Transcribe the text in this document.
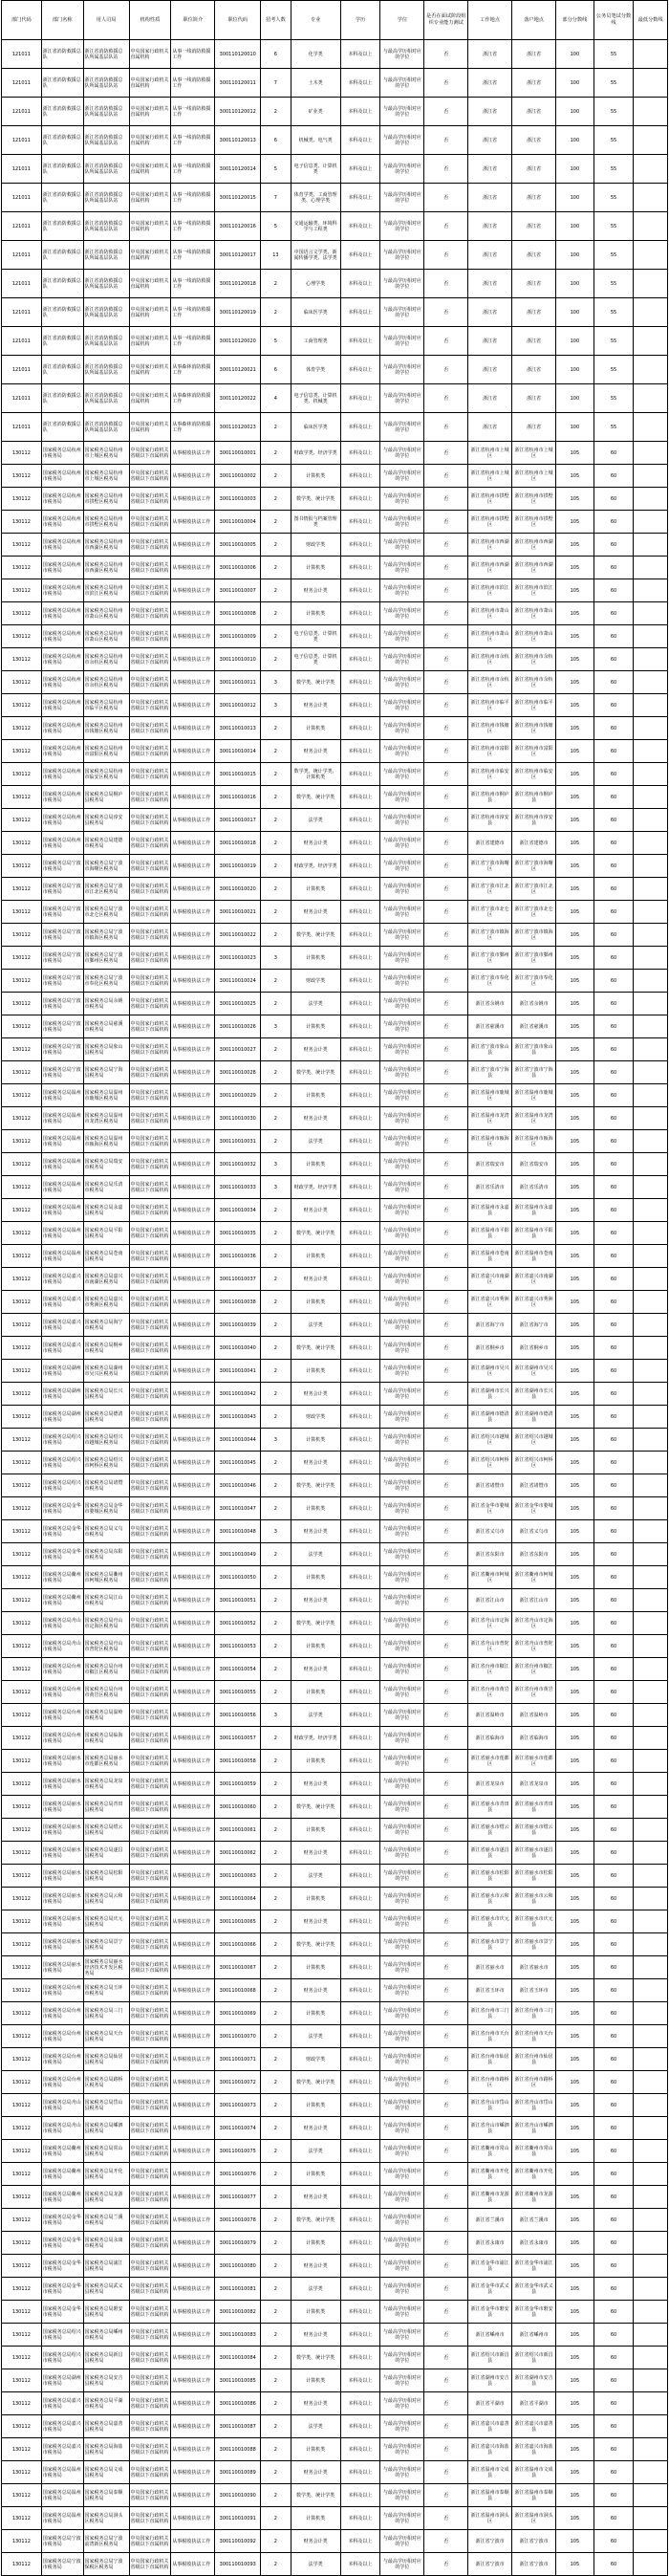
部门代码	部门名称	用人司局	机构性质	职位简介	职位代码	招考人数	专业	学历	学位	是否在面试阶段组织专业能力测试	工作地点	落户地点	部分分数线	公务员笔试分数线	最低分数线
121011	浙江省消防救援总队	浙江省消防救援总队所属基层队站	中央国家行政机关直属机构	从事一线消防救援工作	300110120010	6	化学类	本科及以上	与最高学历相对应的学位	否	浙江省	浙江省	100	55	
121011	浙江省消防救援总队	浙江省消防救援总队所属基层队站	中央国家行政机关直属机构	从事一线消防救援工作	300110120011	7	土木类	本科及以上	与最高学历相对应的学位	否	浙江省	浙江省	100	55	
121011	浙江省消防救援总队	浙江省消防救援总队所属基层队站	中央国家行政机关直属机构	从事一线消防救援工作	300110120012	2	矿业类	本科及以上	与最高学历相对应的学位	否	浙江省	浙江省	100	55	
121011	浙江省消防救援总队	浙江省消防救援总队所属基层队站	中央国家行政机关直属机构	从事一线消防救援工作	300110120013	6	机械类、电气类	本科及以上	与最高学历相对应的学位	否	浙江省	浙江省	100	55	
121011	浙江省消防救援总队	浙江省消防救援总队所属基层队站	中央国家行政机关直属机构	从事一线消防救援工作	300110120014	5	电子信息类、计算机类	本科及以上	与最高学历相对应的学位	否	浙江省	浙江省	100	55	
121011	浙江省消防救援总队	浙江省消防救援总队所属基层队站	中央国家行政机关直属机构	从事一线消防救援工作	300110120015	7	体育学类、工商管理类、心理学类	本科及以上	与最高学历相对应的学位	否	浙江省	浙江省	100	55	
121011	浙江省消防救援总队	浙江省消防救援总队所属基层队站	中央国家行政机关直属机构	从事一线消防救援工作	300110120016	5	交通运输类、环境科学与工程类	本科及以上	与最高学历相对应的学位	否	浙江省	浙江省	100	55	
121011	浙江省消防救援总队	浙江省消防救援总队所属基层队站	中央国家行政机关直属机构	从事一线消防救援工作	300110120017	13	中国语言文学类、新闻传播学类、法学类	本科及以上	与最高学历相对应的学位	否	浙江省	浙江省	100	55	
121011	浙江省消防救援总队	浙江省消防救援总队所属基层队站	中央国家行政机关直属机构	从事一线消防救援工作	300110120018	2	心理学类	本科及以上	与最高学历相对应的学位	否	浙江省	浙江省	100	55	
121011	浙江省消防救援总队	浙江省消防救援总队所属基层队站	中央国家行政机关直属机构	从事一线消防救援工作	300110120019	2	临床医学类	本科及以上	与最高学历相对应的学位	否	浙江省	浙江省	100	55	
121011	浙江省消防救援总队	浙江省消防救援总队所属基层队站	中央国家行政机关直属机构	从事一线消防救援工作	300110120020	5	工商管理类	本科及以上	与最高学历相对应的学位	否	浙江省	浙江省	100	55	
121011	浙江省消防救援总队	浙江省消防救援总队所属基层队站	中央国家行政机关直属机构	从事森林消防救援工作	300110120021	6	体育学类	本科及以上	与最高学历相对应的学位	否	浙江省	浙江省	100	55	
121011	浙江省消防救援总队	浙江省消防救援总队所属基层队站	中央国家行政机关直属机构	从事森林消防救援工作	300110120022	4	电子信息类、计算机类、机械类	本科及以上	与最高学历相对应的学位	否	浙江省	浙江省	100	55	
121011	浙江省消防救援总队	浙江省消防救援总队所属基层队站	中央国家行政机关直属机构	从事森林消防救援工作	300110120023	2	临床医学类	本科及以上	与最高学历相对应的学位	否	浙江省	浙江省	100	55	
130112	国家税务总局杭州市税务局	国家税务总局杭州市上城区税务局	中央国家行政机关省级以下直属机构	从事税收执法工作	300110010001	2	财政学类、经济学类	本科及以上	与最高学历相对应的学位	否	浙江省杭州市上城区	浙江省杭州市上城区	105	60	
130112	国家税务总局杭州市税务局	国家税务总局杭州市上城区税务局	中央国家行政机关省级以下直属机构	从事税收执法工作	300110010002	2	计算机类	本科及以上	与最高学历相对应的学位	否	浙江省杭州市上城区	浙江省杭州市上城区	105	60	
130112	国家税务总局杭州市税务局	国家税务总局杭州市拱墅区税务局	中央国家行政机关省级以下直属机构	从事税收执法工作	300110010003	2	数学类、统计学类	本科及以上	与最高学历相对应的学位	否	浙江省杭州市拱墅区	浙江省杭州市拱墅区	105	60	
130112	国家税务总局杭州市税务局	国家税务总局杭州市拱墅区税务局	中央国家行政机关省级以下直属机构	从事税收执法工作	300110010004	2	图书情报与档案管理类	本科及以上	与最高学历相对应的学位	否	浙江省杭州市拱墅区	浙江省杭州市拱墅区	105	60	
130112	国家税务总局杭州市税务局	国家税务总局杭州市西湖区税务局	中央国家行政机关省级以下直属机构	从事税收执法工作	300110010005	2	财政学类	本科及以上	与最高学历相对应的学位	否	浙江省杭州市西湖区	浙江省杭州市西湖区	105	60	
130112	国家税务总局杭州市税务局	国家税务总局杭州市西湖区税务局	中央国家行政机关省级以下直属机构	从事税收执法工作	300110010006	2	计算机类	本科及以上	与最高学历相对应的学位	否	浙江省杭州市西湖区	浙江省杭州市西湖区	105	60	
130112	国家税务总局杭州市税务局	国家税务总局杭州市滨江区税务局	中央国家行政机关省级以下直属机构	从事税收执法工作	300110010007	2	财务会计类	本科及以上	与最高学历相对应的学位	否	浙江省杭州市滨江区	浙江省杭州市滨江区	105	60	
130112	国家税务总局杭州市税务局	国家税务总局杭州市萧山区税务局	中央国家行政机关省级以下直属机构	从事税收执法工作	300110010008	2	计算机类	本科及以上	与最高学历相对应的学位	否	浙江省杭州市萧山区	浙江省杭州市萧山区	105	60	
130112	国家税务总局杭州市税务局	国家税务总局杭州市萧山区税务局	中央国家行政机关省级以下直属机构	从事税收执法工作	300110010009	2	电子信息类、计算机类	本科及以上	与最高学历相对应的学位	否	浙江省杭州市萧山区	浙江省杭州市萧山区	105	60	
130112	国家税务总局杭州市税务局	国家税务总局杭州市余杭区税务局	中央国家行政机关省级以下直属机构	从事税收执法工作	300110010010	2	电子信息类、计算机类	本科及以上	与最高学历相对应的学位	否	浙江省杭州市余杭区	浙江省杭州市余杭区	105	60	
130112	国家税务总局杭州市税务局	国家税务总局杭州市余杭区税务局	中央国家行政机关省级以下直属机构	从事税收执法工作	300110010011	3	数学类、统计学类	本科及以上	与最高学历相对应的学位	否	浙江省杭州市余杭区	浙江省杭州市余杭区	105	60	
130112	国家税务总局杭州市税务局	国家税务总局杭州市临平区税务局	中央国家行政机关省级以下直属机构	从事税收执法工作	300110010012	3	财务会计类	本科及以上	与最高学历相对应的学位	否	浙江省杭州市临平区	浙江省杭州市临平区	105	60	
130112	国家税务总局杭州市税务局	国家税务总局杭州市钱塘区税务局	中央国家行政机关省级以下直属机构	从事税收执法工作	300110010013	2	计算机类	本科及以上	与最高学历相对应的学位	否	浙江省杭州市钱塘区	浙江省杭州市钱塘区	105	60	
130112	国家税务总局杭州市税务局	国家税务总局杭州市富阳区税务局	中央国家行政机关省级以下直属机构	从事税收执法工作	300110010014	2	财务会计类	本科及以上	与最高学历相对应的学位	否	浙江省杭州市富阳区	浙江省杭州市富阳区	105	60	
130112	国家税务总局杭州市税务局	国家税务总局杭州市临安区税务局	中央国家行政机关省级以下直属机构	从事税收执法工作	300110010015	2	数学类、统计学类、计算机类	本科及以上	与最高学历相对应的学位	否	浙江省杭州市临安区	浙江省杭州市临安区	105	60	
130112	国家税务总局杭州市税务局	国家税务总局桐庐县税务局	中央国家行政机关省级以下直属机构	从事税收执法工作	300110010016	2	数学类、统计学类	本科及以上	与最高学历相对应的学位	否	浙江省杭州市桐庐县	浙江省杭州市桐庐县	105	60	
130112	国家税务总局杭州市税务局	国家税务总局淳安县税务局	中央国家行政机关省级以下直属机构	从事税收执法工作	300110010017	2	法学类	本科及以上	与最高学历相对应的学位	否	浙江省杭州市淳安县	浙江省杭州市淳安县	105	60	
130112	国家税务总局杭州市税务局	国家税务总局建德市税务局	中央国家行政机关省级以下直属机构	从事税收执法工作	300110010018	2	财务会计类	本科及以上	与最高学历相对应的学位	否	浙江省建德市	浙江省建德市	105	60	
130112	国家税务总局宁波市税务局	国家税务总局宁波市海曙区税务局	中央国家行政机关省级以下直属机构	从事税收执法工作	300110010019	2	财政学类、经济学类	本科及以上	与最高学历相对应的学位	否	浙江省宁波市海曙区	浙江省宁波市海曙区	105	60	
130112	国家税务总局宁波市税务局	国家税务总局宁波市江北区税务局	中央国家行政机关省级以下直属机构	从事税收执法工作	300110010020	2	计算机类	本科及以上	与最高学历相对应的学位	否	浙江省宁波市江北区	浙江省宁波市江北区	105	60	
130112	国家税务总局宁波市税务局	国家税务总局宁波市北仑区税务局	中央国家行政机关省级以下直属机构	从事税收执法工作	300110010021	2	财务会计类	本科及以上	与最高学历相对应的学位	否	浙江省宁波市北仑区	浙江省宁波市北仑区	105	60	
130112	国家税务总局宁波市税务局	国家税务总局宁波市镇海区税务局	中央国家行政机关省级以下直属机构	从事税收执法工作	300110010022	2	数学类、统计学类	本科及以上	与最高学历相对应的学位	否	浙江省宁波市镇海区	浙江省宁波市镇海区	105	60	
130112	国家税务总局宁波市税务局	国家税务总局宁波市鄞州区税务局	中央国家行政机关省级以下直属机构	从事税收执法工作	300110010023	3	计算机类	本科及以上	与最高学历相对应的学位	否	浙江省宁波市鄞州区	浙江省宁波市鄞州区	105	60	
130112	国家税务总局宁波市税务局	国家税务总局宁波市奉化区税务局	中央国家行政机关省级以下直属机构	从事税收执法工作	300110010024	2	财政学类	本科及以上	与最高学历相对应的学位	否	浙江省宁波市奉化区	浙江省宁波市奉化区	105	60	
130112	国家税务总局宁波市税务局	国家税务总局余姚市税务局	中央国家行政机关省级以下直属机构	从事税收执法工作	300110010025	2	法学类	本科及以上	与最高学历相对应的学位	否	浙江省余姚市	浙江省余姚市	105	60	
130112	国家税务总局宁波市税务局	国家税务总局慈溪市税务局	中央国家行政机关省级以下直属机构	从事税收执法工作	300110010026	3	计算机类	本科及以上	与最高学历相对应的学位	否	浙江省慈溪市	浙江省慈溪市	105	60	
130112	国家税务总局宁波市税务局	国家税务总局象山县税务局	中央国家行政机关省级以下直属机构	从事税收执法工作	300110010027	2	财务会计类	本科及以上	与最高学历相对应的学位	否	浙江省宁波市象山县	浙江省宁波市象山县	105	60	
130112	国家税务总局宁波市税务局	国家税务总局宁海县税务局	中央国家行政机关省级以下直属机构	从事税收执法工作	300110010028	2	数学类、统计学类	本科及以上	与最高学历相对应的学位	否	浙江省宁波市宁海县	浙江省宁波市宁海县	105	60	
130112	国家税务总局温州市税务局	国家税务总局温州市鹿城区税务局	中央国家行政机关省级以下直属机构	从事税收执法工作	300110010029	2	计算机类	本科及以上	与最高学历相对应的学位	否	浙江省温州市鹿城区	浙江省温州市鹿城区	105	60	
130112	国家税务总局温州市税务局	国家税务总局温州市龙湾区税务局	中央国家行政机关省级以下直属机构	从事税收执法工作	300110010030	2	财务会计类	本科及以上	与最高学历相对应的学位	否	浙江省温州市龙湾区	浙江省温州市龙湾区	105	60	
130112	国家税务总局温州市税务局	国家税务总局温州市瓯海区税务局	中央国家行政机关省级以下直属机构	从事税收执法工作	300110010031	2	法学类	本科及以上	与最高学历相对应的学位	否	浙江省温州市瓯海区	浙江省温州市瓯海区	105	60	
130112	国家税务总局温州市税务局	国家税务总局瑞安市税务局	中央国家行政机关省级以下直属机构	从事税收执法工作	300110010032	3	计算机类	本科及以上	与最高学历相对应的学位	否	浙江省瑞安市	浙江省瑞安市	105	60	
130112	国家税务总局温州市税务局	国家税务总局乐清市税务局	中央国家行政机关省级以下直属机构	从事税收执法工作	300110010033	3	财政学类、经济学类	本科及以上	与最高学历相对应的学位	否	浙江省乐清市	浙江省乐清市	105	60	
130112	国家税务总局温州市税务局	国家税务总局永嘉县税务局	中央国家行政机关省级以下直属机构	从事税收执法工作	300110010034	2	财务会计类	本科及以上	与最高学历相对应的学位	否	浙江省温州市永嘉县	浙江省温州市永嘉县	105	60	
130112	国家税务总局温州市税务局	国家税务总局平阳县税务局	中央国家行政机关省级以下直属机构	从事税收执法工作	300110010035	2	数学类、统计学类	本科及以上	与最高学历相对应的学位	否	浙江省温州市平阳县	浙江省温州市平阳县	105	60	
130112	国家税务总局温州市税务局	国家税务总局苍南县税务局	中央国家行政机关省级以下直属机构	从事税收执法工作	300110010036	2	计算机类	本科及以上	与最高学历相对应的学位	否	浙江省温州市苍南县	浙江省温州市苍南县	105	60	
130112	国家税务总局嘉兴市税务局	国家税务总局嘉兴市南湖区税务局	中央国家行政机关省级以下直属机构	从事税收执法工作	300110010037	2	财务会计类	本科及以上	与最高学历相对应的学位	否	浙江省嘉兴市南湖区	浙江省嘉兴市南湖区	105	60	
130112	国家税务总局嘉兴市税务局	国家税务总局嘉兴市秀洲区税务局	中央国家行政机关省级以下直属机构	从事税收执法工作	300110010038	2	计算机类	本科及以上	与最高学历相对应的学位	否	浙江省嘉兴市秀洲区	浙江省嘉兴市秀洲区	105	60	
130112	国家税务总局嘉兴市税务局	国家税务总局海宁市税务局	中央国家行政机关省级以下直属机构	从事税收执法工作	300110010039	2	法学类	本科及以上	与最高学历相对应的学位	否	浙江省海宁市	浙江省海宁市	105	60	
130112	国家税务总局嘉兴市税务局	国家税务总局桐乡市税务局	中央国家行政机关省级以下直属机构	从事税收执法工作	300110010040	2	数学类、统计学类	本科及以上	与最高学历相对应的学位	否	浙江省桐乡市	浙江省桐乡市	105	60	
130112	国家税务总局湖州市税务局	国家税务总局湖州市吴兴区税务局	中央国家行政机关省级以下直属机构	从事税收执法工作	300110010041	2	计算机类	本科及以上	与最高学历相对应的学位	否	浙江省湖州市吴兴区	浙江省湖州市吴兴区	105	60	
130112	国家税务总局湖州市税务局	国家税务总局长兴县税务局	中央国家行政机关省级以下直属机构	从事税收执法工作	300110010042	2	财务会计类	本科及以上	与最高学历相对应的学位	否	浙江省湖州市长兴县	浙江省湖州市长兴县	105	60	
130112	国家税务总局湖州市税务局	国家税务总局德清县税务局	中央国家行政机关省级以下直属机构	从事税收执法工作	300110010043	2	财政学类	本科及以上	与最高学历相对应的学位	否	浙江省湖州市德清县	浙江省湖州市德清县	105	60	
130112	国家税务总局绍兴市税务局	国家税务总局绍兴市越城区税务局	中央国家行政机关省级以下直属机构	从事税收执法工作	300110010044	3	计算机类	本科及以上	与最高学历相对应的学位	否	浙江省绍兴市越城区	浙江省绍兴市越城区	105	60	
130112	国家税务总局绍兴市税务局	国家税务总局绍兴市柯桥区税务局	中央国家行政机关省级以下直属机构	从事税收执法工作	300110010045	2	财务会计类	本科及以上	与最高学历相对应的学位	否	浙江省绍兴市柯桥区	浙江省绍兴市柯桥区	105	60	
130112	国家税务总局绍兴市税务局	国家税务总局诸暨市税务局	中央国家行政机关省级以下直属机构	从事税收执法工作	300110010046	2	数学类、统计学类	本科及以上	与最高学历相对应的学位	否	浙江省诸暨市	浙江省诸暨市	105	60	
130112	国家税务总局金华市税务局	国家税务总局金华市婺城区税务局	中央国家行政机关省级以下直属机构	从事税收执法工作	300110010047	2	计算机类	本科及以上	与最高学历相对应的学位	否	浙江省金华市婺城区	浙江省金华市婺城区	105	60	
130112	国家税务总局金华市税务局	国家税务总局义乌市税务局	中央国家行政机关省级以下直属机构	从事税收执法工作	300110010048	3	财务会计类	本科及以上	与最高学历相对应的学位	否	浙江省义乌市	浙江省义乌市	105	60	
130112	国家税务总局金华市税务局	国家税务总局东阳市税务局	中央国家行政机关省级以下直属机构	从事税收执法工作	300110010049	2	法学类	本科及以上	与最高学历相对应的学位	否	浙江省东阳市	浙江省东阳市	105	60	
130112	国家税务总局衢州市税务局	国家税务总局衢州市柯城区税务局	中央国家行政机关省级以下直属机构	从事税收执法工作	300110010050	2	计算机类	本科及以上	与最高学历相对应的学位	否	浙江省衢州市柯城区	浙江省衢州市柯城区	105	60	
130112	国家税务总局衢州市税务局	国家税务总局江山市税务局	中央国家行政机关省级以下直属机构	从事税收执法工作	300110010051	2	财务会计类	本科及以上	与最高学历相对应的学位	否	浙江省江山市	浙江省江山市	105	60	
130112	国家税务总局舟山市税务局	国家税务总局舟山市定海区税务局	中央国家行政机关省级以下直属机构	从事税收执法工作	300110010052	2	数学类、统计学类	本科及以上	与最高学历相对应的学位	否	浙江省舟山市定海区	浙江省舟山市定海区	105	60	
130112	国家税务总局舟山市税务局	国家税务总局舟山市普陀区税务局	中央国家行政机关省级以下直属机构	从事税收执法工作	300110010053	2	计算机类	本科及以上	与最高学历相对应的学位	否	浙江省舟山市普陀区	浙江省舟山市普陀区	105	60	
130112	国家税务总局台州市税务局	国家税务总局台州市椒江区税务局	中央国家行政机关省级以下直属机构	从事税收执法工作	300110010054	2	财务会计类	本科及以上	与最高学历相对应的学位	否	浙江省台州市椒江区	浙江省台州市椒江区	105	60	
130112	国家税务总局台州市税务局	国家税务总局台州市黄岩区税务局	中央国家行政机关省级以下直属机构	从事税收执法工作	300110010055	2	计算机类	本科及以上	与最高学历相对应的学位	否	浙江省台州市黄岩区	浙江省台州市黄岩区	105	60	
130112	国家税务总局台州市税务局	国家税务总局温岭市税务局	中央国家行政机关省级以下直属机构	从事税收执法工作	300110010056	3	法学类	本科及以上	与最高学历相对应的学位	否	浙江省温岭市	浙江省温岭市	105	60	
130112	国家税务总局台州市税务局	国家税务总局临海市税务局	中央国家行政机关省级以下直属机构	从事税收执法工作	300110010057	2	财政学类、经济学类	本科及以上	与最高学历相对应的学位	否	浙江省临海市	浙江省临海市	105	60	
130112	国家税务总局丽水市税务局	国家税务总局丽水市莲都区税务局	中央国家行政机关省级以下直属机构	从事税收执法工作	300110010058	2	计算机类	本科及以上	与最高学历相对应的学位	否	浙江省丽水市莲都区	浙江省丽水市莲都区	105	60	
130112	国家税务总局丽水市税务局	国家税务总局龙泉市税务局	中央国家行政机关省级以下直属机构	从事税收执法工作	300110010059	2	财务会计类	本科及以上	与最高学历相对应的学位	否	浙江省龙泉市	浙江省龙泉市	105	60	
130112	国家税务总局丽水市税务局	国家税务总局青田县税务局	中央国家行政机关省级以下直属机构	从事税收执法工作	300110010060	2	数学类、统计学类	本科及以上	与最高学历相对应的学位	否	浙江省丽水市青田县	浙江省丽水市青田县	105	60	
130112	国家税务总局丽水市税务局	国家税务总局缙云县税务局	中央国家行政机关省级以下直属机构	从事税收执法工作	300110010061	2	计算机类	本科及以上	与最高学历相对应的学位	否	浙江省丽水市缙云县	浙江省丽水市缙云县	105	60	
130112	国家税务总局丽水市税务局	国家税务总局遂昌县税务局	中央国家行政机关省级以下直属机构	从事税收执法工作	300110010062	2	财务会计类	本科及以上	与最高学历相对应的学位	否	浙江省丽水市遂昌县	浙江省丽水市遂昌县	105	60	
130112	国家税务总局丽水市税务局	国家税务总局松阳县税务局	中央国家行政机关省级以下直属机构	从事税收执法工作	300110010063	2	法学类	本科及以上	与最高学历相对应的学位	否	浙江省丽水市松阳县	浙江省丽水市松阳县	105	60	
130112	国家税务总局丽水市税务局	国家税务总局云和县税务局	中央国家行政机关省级以下直属机构	从事税收执法工作	300110010064	2	计算机类	本科及以上	与最高学历相对应的学位	否	浙江省丽水市云和县	浙江省丽水市云和县	105	60	
130112	国家税务总局丽水市税务局	国家税务总局庆元县税务局	中央国家行政机关省级以下直属机构	从事税收执法工作	300110010065	2	财务会计类	本科及以上	与最高学历相对应的学位	否	浙江省丽水市庆元县	浙江省丽水市庆元县	105	60	
130112	国家税务总局丽水市税务局	国家税务总局景宁县税务局	中央国家行政机关省级以下直属机构	从事税收执法工作	300110010066	2	数学类、统计学类	本科及以上	与最高学历相对应的学位	否	浙江省丽水市景宁县	浙江省丽水市景宁县	105	60	
130112	国家税务总局丽水市税务局	国家税务总局丽水经济技术开发区税务局	中央国家行政机关省级以下直属机构	从事税收执法工作	300110010067	2	计算机类	本科及以上	与最高学历相对应的学位	否	浙江省丽水市	浙江省丽水市	105	60	
130112	国家税务总局台州市税务局	国家税务总局玉环市税务局	中央国家行政机关省级以下直属机构	从事税收执法工作	300110010068	2	财务会计类	本科及以上	与最高学历相对应的学位	否	浙江省玉环市	浙江省玉环市	105	60	
130112	国家税务总局台州市税务局	国家税务总局三门县税务局	中央国家行政机关省级以下直属机构	从事税收执法工作	300110010069	2	计算机类	本科及以上	与最高学历相对应的学位	否	浙江省台州市三门县	浙江省台州市三门县	105	60	
130112	国家税务总局台州市税务局	国家税务总局天台县税务局	中央国家行政机关省级以下直属机构	从事税收执法工作	300110010070	2	法学类	本科及以上	与最高学历相对应的学位	否	浙江省台州市天台县	浙江省台州市天台县	105	60	
130112	国家税务总局台州市税务局	国家税务总局仙居县税务局	中央国家行政机关省级以下直属机构	从事税收执法工作	300110010071	2	财政学类	本科及以上	与最高学历相对应的学位	否	浙江省台州市仙居县	浙江省台州市仙居县	105	60	
130112	国家税务总局台州市税务局	国家税务总局路桥区税务局	中央国家行政机关省级以下直属机构	从事税收执法工作	300110010072	2	数学类、统计学类	本科及以上	与最高学历相对应的学位	否	浙江省台州市路桥区	浙江省台州市路桥区	105	60	
130112	国家税务总局舟山市税务局	国家税务总局岱山县税务局	中央国家行政机关省级以下直属机构	从事税收执法工作	300110010073	2	计算机类	本科及以上	与最高学历相对应的学位	否	浙江省舟山市岱山县	浙江省舟山市岱山县	105	60	
130112	国家税务总局舟山市税务局	国家税务总局嵊泗县税务局	中央国家行政机关省级以下直属机构	从事税收执法工作	300110010074	2	财务会计类	本科及以上	与最高学历相对应的学位	否	浙江省舟山市嵊泗县	浙江省舟山市嵊泗县	105	60	
130112	国家税务总局衢州市税务局	国家税务总局常山县税务局	中央国家行政机关省级以下直属机构	从事税收执法工作	300110010075	2	法学类	本科及以上	与最高学历相对应的学位	否	浙江省衢州市常山县	浙江省衢州市常山县	105	60	
130112	国家税务总局衢州市税务局	国家税务总局开化县税务局	中央国家行政机关省级以下直属机构	从事税收执法工作	300110010076	2	计算机类	本科及以上	与最高学历相对应的学位	否	浙江省衢州市开化县	浙江省衢州市开化县	105	60	
130112	国家税务总局衢州市税务局	国家税务总局龙游县税务局	中央国家行政机关省级以下直属机构	从事税收执法工作	300110010077	2	财务会计类	本科及以上	与最高学历相对应的学位	否	浙江省衢州市龙游县	浙江省衢州市龙游县	105	60	
130112	国家税务总局金华市税务局	国家税务总局兰溪市税务局	中央国家行政机关省级以下直属机构	从事税收执法工作	300110010078	2	数学类、统计学类	本科及以上	与最高学历相对应的学位	否	浙江省兰溪市	浙江省兰溪市	105	60	
130112	国家税务总局金华市税务局	国家税务总局永康市税务局	中央国家行政机关省级以下直属机构	从事税收执法工作	300110010079	2	计算机类	本科及以上	与最高学历相对应的学位	否	浙江省永康市	浙江省永康市	105	60	
130112	国家税务总局金华市税务局	国家税务总局浦江县税务局	中央国家行政机关省级以下直属机构	从事税收执法工作	300110010080	2	财务会计类	本科及以上	与最高学历相对应的学位	否	浙江省金华市浦江县	浙江省金华市浦江县	105	60	
130112	国家税务总局金华市税务局	国家税务总局武义县税务局	中央国家行政机关省级以下直属机构	从事税收执法工作	300110010081	2	法学类	本科及以上	与最高学历相对应的学位	否	浙江省金华市武义县	浙江省金华市武义县	105	60	
130112	国家税务总局金华市税务局	国家税务总局磐安县税务局	中央国家行政机关省级以下直属机构	从事税收执法工作	300110010082	2	计算机类	本科及以上	与最高学历相对应的学位	否	浙江省金华市磐安县	浙江省金华市磐安县	105	60	
130112	国家税务总局绍兴市税务局	国家税务总局嵊州市税务局	中央国家行政机关省级以下直属机构	从事税收执法工作	300110010083	2	财务会计类	本科及以上	与最高学历相对应的学位	否	浙江省嵊州市	浙江省嵊州市	105	60	
130112	国家税务总局绍兴市税务局	国家税务总局新昌县税务局	中央国家行政机关省级以下直属机构	从事税收执法工作	300110010084	2	数学类、统计学类	本科及以上	与最高学历相对应的学位	否	浙江省绍兴市新昌县	浙江省绍兴市新昌县	105	60	
130112	国家税务总局湖州市税务局	国家税务总局安吉县税务局	中央国家行政机关省级以下直属机构	从事税收执法工作	300110010085	2	计算机类	本科及以上	与最高学历相对应的学位	否	浙江省湖州市安吉县	浙江省湖州市安吉县	105	60	
130112	国家税务总局嘉兴市税务局	国家税务总局平湖市税务局	中央国家行政机关省级以下直属机构	从事税收执法工作	300110010086	2	财务会计类	本科及以上	与最高学历相对应的学位	否	浙江省平湖市	浙江省平湖市	105	60	
130112	国家税务总局嘉兴市税务局	国家税务总局嘉善县税务局	中央国家行政机关省级以下直属机构	从事税收执法工作	300110010087	2	法学类	本科及以上	与最高学历相对应的学位	否	浙江省嘉兴市嘉善县	浙江省嘉兴市嘉善县	105	60	
130112	国家税务总局嘉兴市税务局	国家税务总局海盐县税务局	中央国家行政机关省级以下直属机构	从事税收执法工作	300110010088	2	计算机类	本科及以上	与最高学历相对应的学位	否	浙江省嘉兴市海盐县	浙江省嘉兴市海盐县	105	60	
130112	国家税务总局温州市税务局	国家税务总局文成县税务局	中央国家行政机关省级以下直属机构	从事税收执法工作	300110010089	2	财务会计类	本科及以上	与最高学历相对应的学位	否	浙江省温州市文成县	浙江省温州市文成县	105	60	
130112	国家税务总局温州市税务局	国家税务总局泰顺县税务局	中央国家行政机关省级以下直属机构	从事税收执法工作	300110010090	2	数学类、统计学类	本科及以上	与最高学历相对应的学位	否	浙江省温州市泰顺县	浙江省温州市泰顺县	105	60	
130112	国家税务总局温州市税务局	国家税务总局洞头区税务局	中央国家行政机关省级以下直属机构	从事税收执法工作	300110010091	2	计算机类	本科及以上	与最高学历相对应的学位	否	浙江省温州市洞头区	浙江省温州市洞头区	105	60	
130112	国家税务总局宁波市税务局	国家税务总局宁波前湾新区税务局	中央国家行政机关省级以下直属机构	从事税收执法工作	300110010092	2	财务会计类	本科及以上	与最高学历相对应的学位	否	浙江省宁波市	浙江省宁波市	105	60	
130112	国家税务总局宁波市税务局	国家税务总局宁波保税区税务局	中央国家行政机关省级以下直属机构	从事税收执法工作	300110010093	2	法学类	本科及以上	与最高学历相对应的学位	否	浙江省宁波市	浙江省宁波市	105	60	
